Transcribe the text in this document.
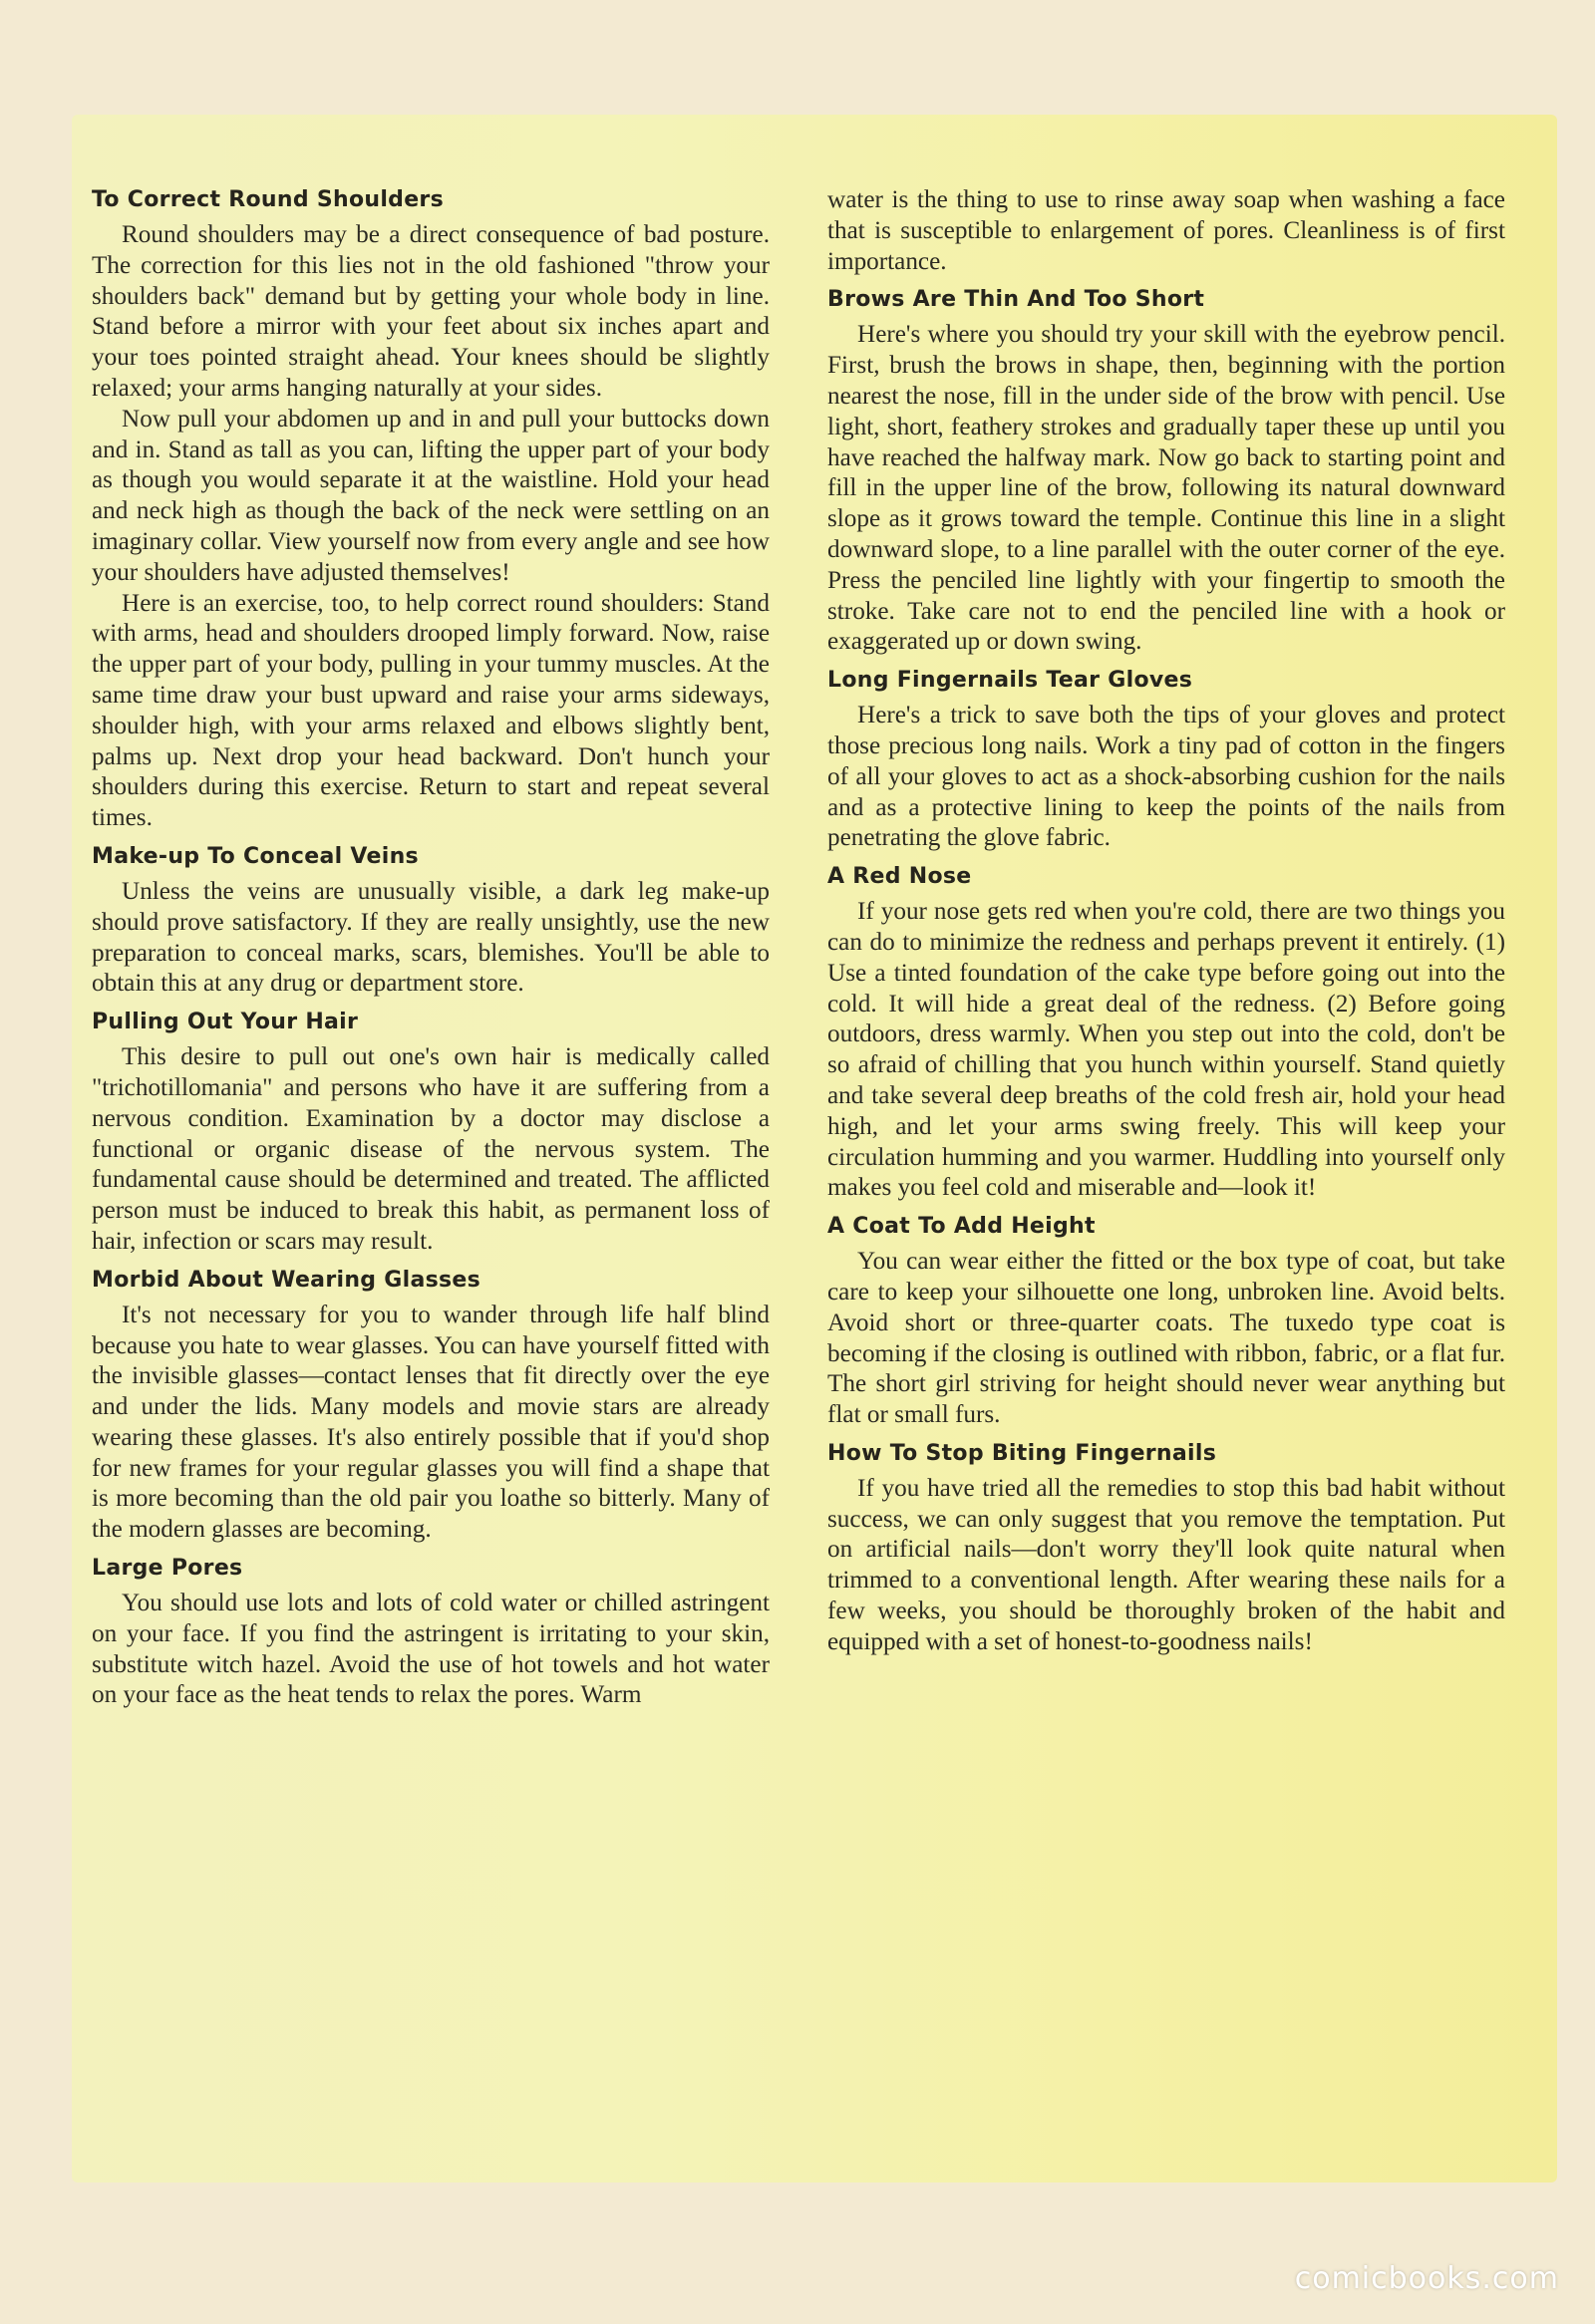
To Correct Round Shoulders

Round shoulders may be a direct consequence of bad posture. The correction for this lies not in the old fashioned "throw your shoulders back" demand but by getting your whole body in line. Stand before a mirror with your feet about six inches apart and your toes pointed straight ahead. Your knees should be slightly relaxed; your arms hanging naturally at your sides.

Now pull your abdomen up and in and pull your buttocks down and in. Stand as tall as you can, lifting the upper part of your body as though you would separate it at the waistline. Hold your head and neck high as though the back of the neck were settling on an imaginary collar. View yourself now from every angle and see how your shoulders have adjusted themselves!

Here is an exercise, too, to help correct round shoulders: Stand with arms, head and shoulders drooped limply forward. Now, raise the upper part of your body, pulling in your tummy muscles. At the same time draw your bust upward and raise your arms sideways, shoulder high, with your arms relaxed and elbows slightly bent, palms up. Next drop your head backward. Don't hunch your shoulders during this exercise. Return to start and repeat several times.

Make-up To Conceal Veins

Unless the veins are unusually visible, a dark leg make-up should prove satisfactory. If they are really unsightly, use the new preparation to conceal marks, scars, blemishes. You'll be able to obtain this at any drug or department store.

Pulling Out Your Hair

This desire to pull out one's own hair is medically called "trichotillomania" and persons who have it are suffering from a nervous condition. Examination by a doctor may disclose a functional or organic disease of the nervous system. The fundamental cause should be determined and treated. The afflicted person must be induced to break this habit, as permanent loss of hair, infection or scars may result.

Morbid About Wearing Glasses

It's not necessary for you to wander through life half blind because you hate to wear glasses. You can have yourself fitted with the invisible glasses—contact lenses that fit directly over the eye and under the lids. Many models and movie stars are already wearing these glasses. It's also entirely possible that if you'd shop for new frames for your regular glasses you will find a shape that is more becoming than the old pair you loathe so bitterly. Many of the modern glasses are becoming.

Large Pores

You should use lots and lots of cold water or chilled astringent on your face. If you find the astringent is irritating to your skin, substitute witch hazel. Avoid the use of hot towels and hot water on your face as the heat tends to relax the pores. Warm

water is the thing to use to rinse away soap when washing a face that is susceptible to enlargement of pores. Cleanliness is of first importance.

Brows Are Thin And Too Short

Here's where you should try your skill with the eyebrow pencil. First, brush the brows in shape, then, beginning with the portion nearest the nose, fill in the under side of the brow with pencil. Use light, short, feathery strokes and gradually taper these up until you have reached the halfway mark. Now go back to starting point and fill in the upper line of the brow, following its natural downward slope as it grows toward the temple. Continue this line in a slight downward slope, to a line parallel with the outer corner of the eye. Press the penciled line lightly with your fingertip to smooth the stroke. Take care not to end the penciled line with a hook or exaggerated up or down swing.

Long Fingernails Tear Gloves

Here's a trick to save both the tips of your gloves and protect those precious long nails. Work a tiny pad of cotton in the fingers of all your gloves to act as a shock-absorbing cushion for the nails and as a protective lining to keep the points of the nails from penetrating the glove fabric.

A Red Nose

If your nose gets red when you're cold, there are two things you can do to minimize the redness and perhaps prevent it entirely. (1) Use a tinted foundation of the cake type before going out into the cold. It will hide a great deal of the redness. (2) Before going outdoors, dress warmly. When you step out into the cold, don't be so afraid of chilling that you hunch within yourself. Stand quietly and take several deep breaths of the cold fresh air, hold your head high, and let your arms swing freely. This will keep your circulation humming and you warmer. Huddling into yourself only makes you feel cold and miserable and—look it!

A Coat To Add Height

You can wear either the fitted or the box type of coat, but take care to keep your silhouette one long, unbroken line. Avoid belts. Avoid short or three-quarter coats. The tuxedo type coat is becoming if the closing is outlined with ribbon, fabric, or a flat fur. The short girl striving for height should never wear anything but flat or small furs.

How To Stop Biting Fingernails

If you have tried all the remedies to stop this bad habit without success, we can only suggest that you remove the temptation. Put on artificial nails—don't worry they'll look quite natural when trimmed to a conventional length. After wearing these nails for a few weeks, you should be thoroughly broken of the habit and equipped with a set of honest-to-goodness nails!

comicbooks.com
